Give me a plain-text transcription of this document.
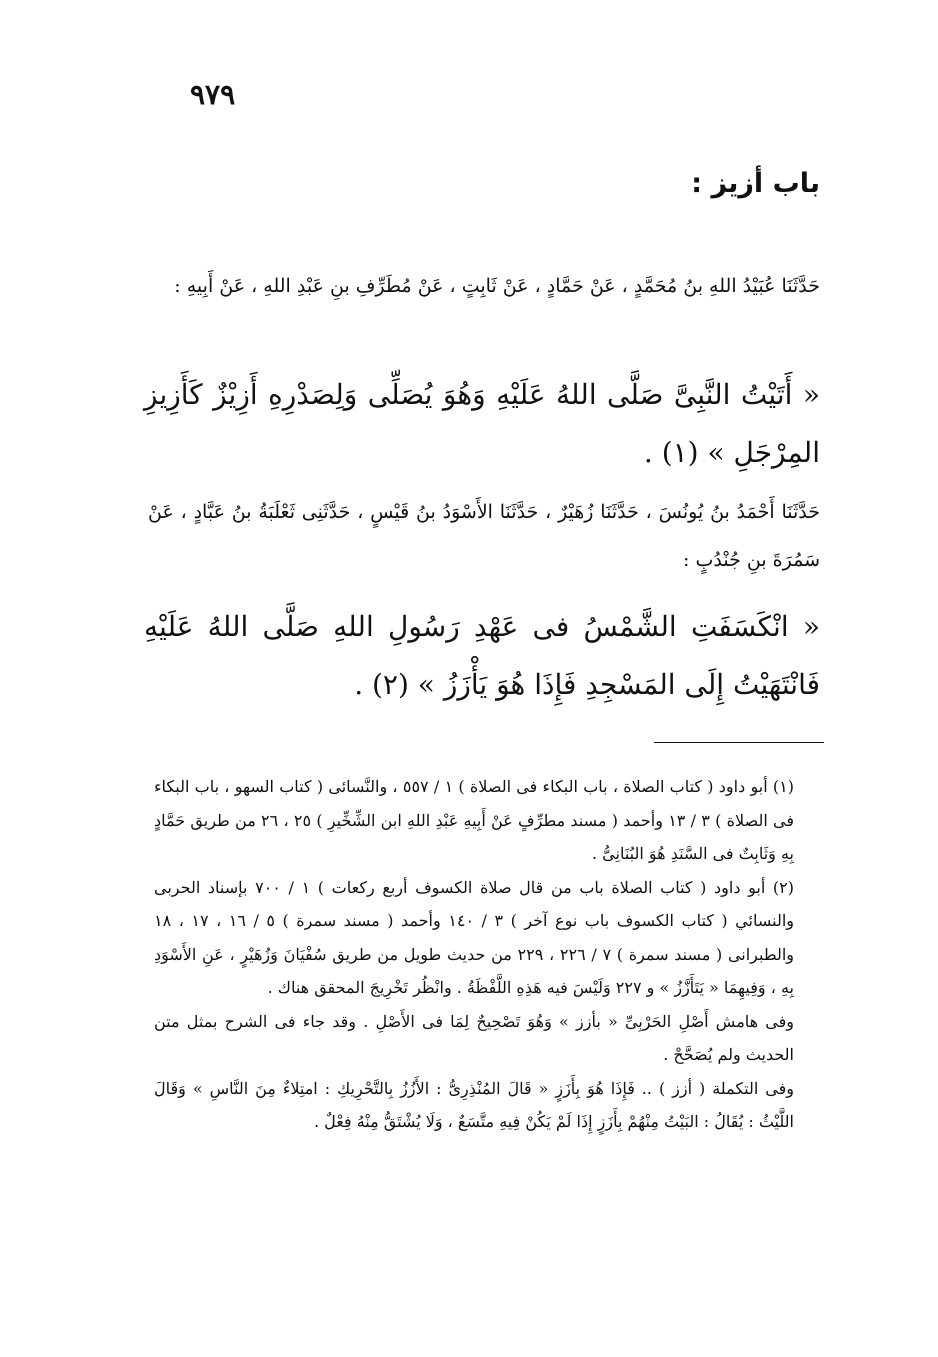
٩٧٩
باب أزيز :
حَدَّثَنَا عُبَيْدُ اللهِ بنُ مُحَمَّدٍ ، عَنْ حَمَّادٍ ، عَنْ ثَابِتٍ ، عَنْ مُطَرِّفِ بنِ عَبْدِ اللهِ ، عَنْ أَبِيهِ :
« أَتَيْتُ النَّبِىَّ صَلَّى اللهُ عَلَيْهِ وَهُوَ يُصَلِّى وَلِصَدْرِهِ أَزِيْزٌ كَأَزِيزِ المِرْجَلِ » (١) .
حَدَّثَنَا أَحْمَدُ بنُ يُونُسَ ، حَدَّثَنَا زُهَيْرٌ ، حَدَّثَنَا الأَسْوَدُ بنُ قَيْسٍ ، حَدَّثَنِى ثَعْلَبَةُ بنُ عَبَّادٍ ، عَنْ سَمُرَةَ بنِ جُنْدُبٍ :
« انْكَسَفَتِ الشَّمْسُ فى عَهْدِ رَسُولِ اللهِ صَلَّى اللهُ عَلَيْهِ فَانْتَهَيْتُ إِلَى المَسْجِدِ فَإِذَا هُوَ يَأْزَزُ » (٢) .

(١) أبو داود ( كتاب الصلاة ، باب البكاء فى الصلاة ) ١ / ٥٥٧ ، والنَّسائى ( كتاب السهو ، باب البكاء فى الصلاة ) ٣ / ١٣ وأحمد ( مسند مطرِّفٍ عَنْ أَبِيهِ عَبْدِ اللهِ ابن الشِّخِّيرِ ) ٢٥ ، ٢٦ من طريق حَمَّادٍ بِهِ وَثَابِتٌ فى السَّنَدِ هُوَ البُنَانِىُّ .

(٢) أبو داود ( كتاب الصلاة باب من قال صلاة الكسوف أربع ركعات ) ١ / ٧٠٠ بإسناد الحربى والنسائي ( كتاب الكسوف باب نوع آخر ) ٣ / ١٤٠ وأحمد ( مسند سمرة ) ٥ / ١٦ ، ١٧ ، ١٨ والطبرانى ( مسند سمرة ) ٧ / ٢٢٦ ، ٢٢٩ من حديث طويل من طريق سُفْيَانَ وَزُهَيْرٍ ، عَنِ الأَسْوَدِ بِهِ ، وَفِيهِمَا « يَتَأَزَّزُ » و ٢٢٧ وَلَيْسَ فيه هَذِهِ اللَّفْظَةُ . وانْظُر تَخْرِيجَ المحقق هناك .

وفى هامش أَصْلِ الحَرْبِىِّ « بأزز » وَهُوَ تَصْحِيحٌ لِمَا فى الأَصْلِ . وقد جاء فى الشرح بمثل متن الحديث ولم يُصَحَّحْ .

وفى التكملة ( أزز ) .. فَإِذَا هُوَ بِأَزَزٍ « قَالَ المُنْذِرِىُّ : الأَزُزُ بِالتَّحْرِيكِ : امتِلاءٌ مِنَ النَّاسِ » وَقَالَ اللَّيْثُ : يُقَالُ : البَيْتُ مِنْهُمْ بِأَزَزٍ إِذَا لَمْ يَكُنْ فِيهِ متَّسَعٌ ، وَلَا يُشْتَقُّ مِنْهُ فِعْلٌ .
